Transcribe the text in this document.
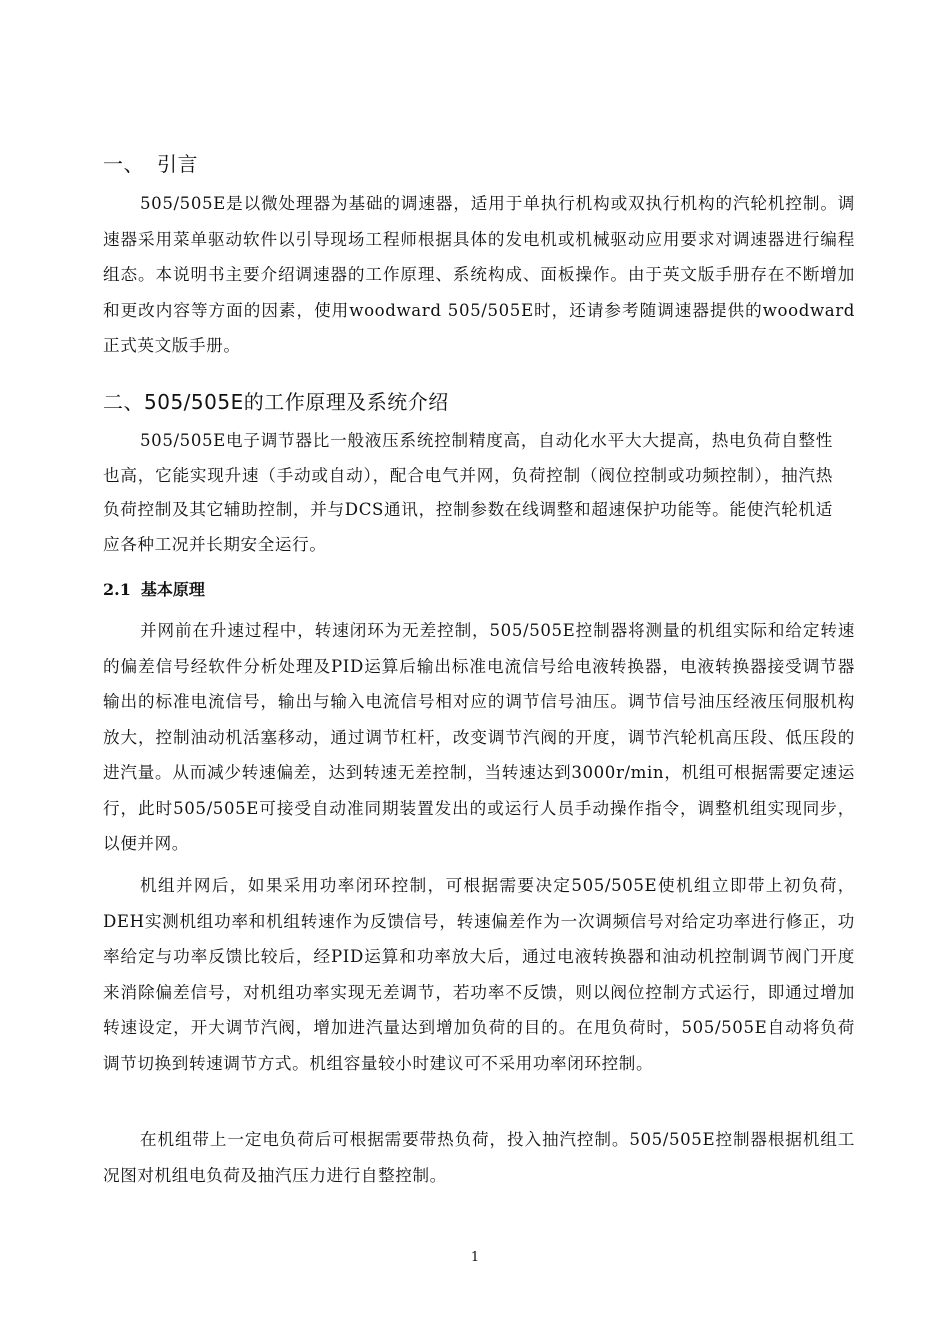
一、 引言

505/505E是以微处理器为基础的调速器，适用于单执行机构或双执行机构的汽轮机控制。调速器采用菜单驱动软件以引导现场工程师根据具体的发电机或机械驱动应用要求对调速器进行编程组态。本说明书主要介绍调速器的工作原理、系统构成、面板操作。由于英文版手册存在不断增加和更改内容等方面的因素，使用woodward 505/505E时，还请参考随调速器提供的woodward正式英文版手册。

二、505/505E的工作原理及系统介绍

505/505E电子调节器比一般液压系统控制精度高，自动化水平大大提高，热电负荷自整性也高，它能实现升速（手动或自动），配合电气并网，负荷控制（阀位控制或功频控制），抽汽热负荷控制及其它辅助控制，并与DCS通讯，控制参数在线调整和超速保护功能等。能使汽轮机适应各种工况并长期安全运行。

2.1 基本原理

并网前在升速过程中，转速闭环为无差控制，505/505E控制器将测量的机组实际和给定转速的偏差信号经软件分析处理及PID运算后输出标准电流信号给电液转换器，电液转换器接受调节器输出的标准电流信号，输出与输入电流信号相对应的调节信号油压。调节信号油压经液压伺服机构放大，控制油动机活塞移动，通过调节杠杆，改变调节汽阀的开度，调节汽轮机高压段、低压段的进汽量。从而减少转速偏差，达到转速无差控制，当转速达到3000r/min，机组可根据需要定速运行，此时505/505E可接受自动准同期装置发出的或运行人员手动操作指令，调整机组实现同步，以便并网。

机组并网后，如果采用功率闭环控制，可根据需要决定505/505E使机组立即带上初负荷，DEH实测机组功率和机组转速作为反馈信号，转速偏差作为一次调频信号对给定功率进行修正，功率给定与功率反馈比较后，经PID运算和功率放大后，通过电液转换器和油动机控制调节阀门开度来消除偏差信号，对机组功率实现无差调节，若功率不反馈，则以阀位控制方式运行，即通过增加转速设定，开大调节汽阀，增加进汽量达到增加负荷的目的。在甩负荷时，505/505E自动将负荷调节切换到转速调节方式。机组容量较小时建议可不采用功率闭环控制。

在机组带上一定电负荷后可根据需要带热负荷，投入抽汽控制。505/505E控制器根据机组工况图对机组电负荷及抽汽压力进行自整控制。

1
